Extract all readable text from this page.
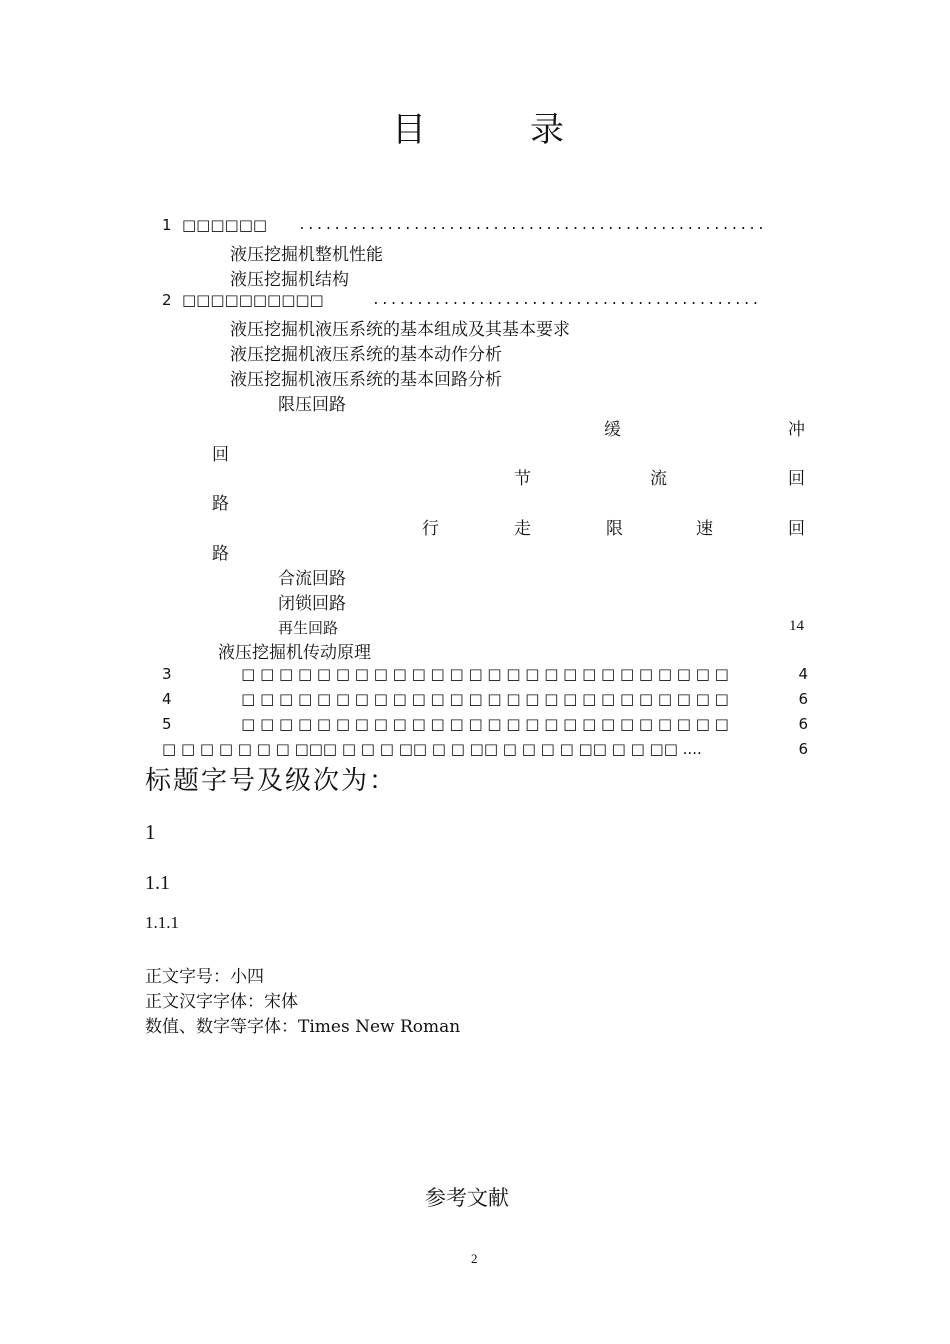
目	录
1 □□□□□□ .....................................................
液压挖掘机整机性能
液压挖掘机结构
2 □□□□□□□□□□	............................................
液压挖掘机液压系统的基本组成及其基本要求
液压挖掘机液压系统的基本动作分析
液压挖掘机液压系统的基本回路分析
限压回路
缓	冲
回
节	流	回
路
行	走	限	速	回
路
合流回路
闭锁回路
再生回路	14
液压挖掘机传动原理
3	□ □ □ □ □ □ □ □ □ □ □ □ □ □ □ □ □ □ □ □ □ □ □ □ □ □	4
4	□ □ □ □ □ □ □ □ □ □ □ □ □ □ □ □ □ □ □ □ □ □ □ □ □ □	6
5	□ □ □ □ □ □ □ □ □ □ □ □ □ □ □ □ □ □ □ □ □ □ □ □ □ □	6
□ □ □ □ □ □ □ □□□ □ □ □ □□ □ □ □□ □ □ □ □ □□ □ □ □□ ....	6
标题字号及级次为：
1
1.1
1.1.1
正文字号：小四
正文汉字字体：宋体
数值、数字等字体：Times New Roman
参考文献
2
